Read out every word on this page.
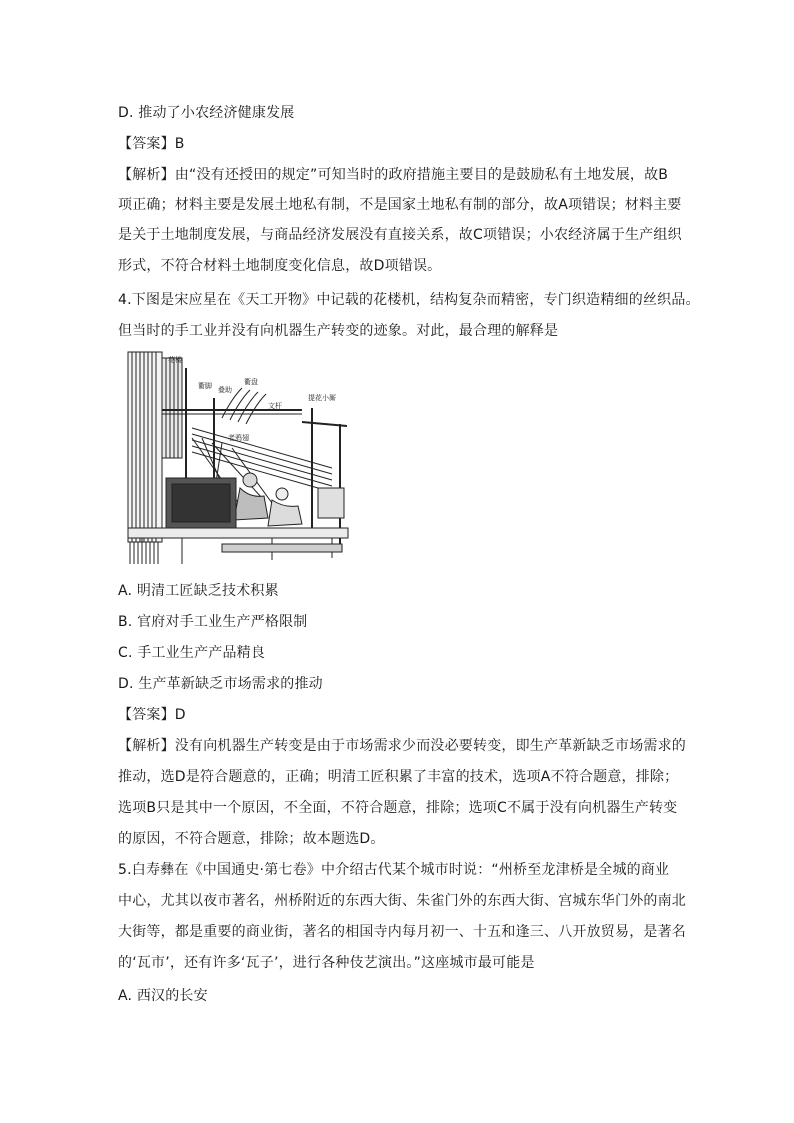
D. 推动了小农经济健康发展
【答案】B
【解析】由“没有还授田的规定”可知当时的政府措施主要目的是鼓励私有土地发展，故B
项正确；材料主要是发展土地私有制，不是国家土地私有制的部分，故A项错误；材料主要
是关于土地制度发展，与商品经济发展没有直接关系，故C项错误；小农经济属于生产组织
形式，不符合材料土地制度变化信息，故D项错误。
4.下图是宋应星在《天工开物》中记载的花楼机，结构复杂而精密，专门织造精细的丝织品。
但当时的手工业并没有向机器生产转变的迹象。对此，最合理的解释是
花楼
衢脚 叠助
衢盘
文杆
提花小厮
老鸦翅
A. 明清工匠缺乏技术积累
B. 官府对手工业生产严格限制
C. 手工业生产产品精良
D. 生产革新缺乏市场需求的推动
【答案】D
【解析】没有向机器生产转变是由于市场需求少而没必要转变，即生产革新缺乏市场需求的
推动，选D是符合题意的，正确；明清工匠积累了丰富的技术，选项A不符合题意，排除；
选项B只是其中一个原因，不全面，不符合题意，排除；选项C不属于没有向机器生产转变
的原因，不符合题意，排除；故本题选D。
5.白寿彝在《中国通史·第七卷》中介绍古代某个城市时说：“州桥至龙津桥是全城的商业
中心，尤其以夜市著名，州桥附近的东西大街、朱雀门外的东西大街、宫城东华门外的南北
大街等，都是重要的商业街，著名的相国寺内每月初一、十五和逢三、八开放贸易，是著名
的‘瓦市’，还有许多‘瓦子’，进行各种伎艺演出。”这座城市最可能是
A. 西汉的长安
